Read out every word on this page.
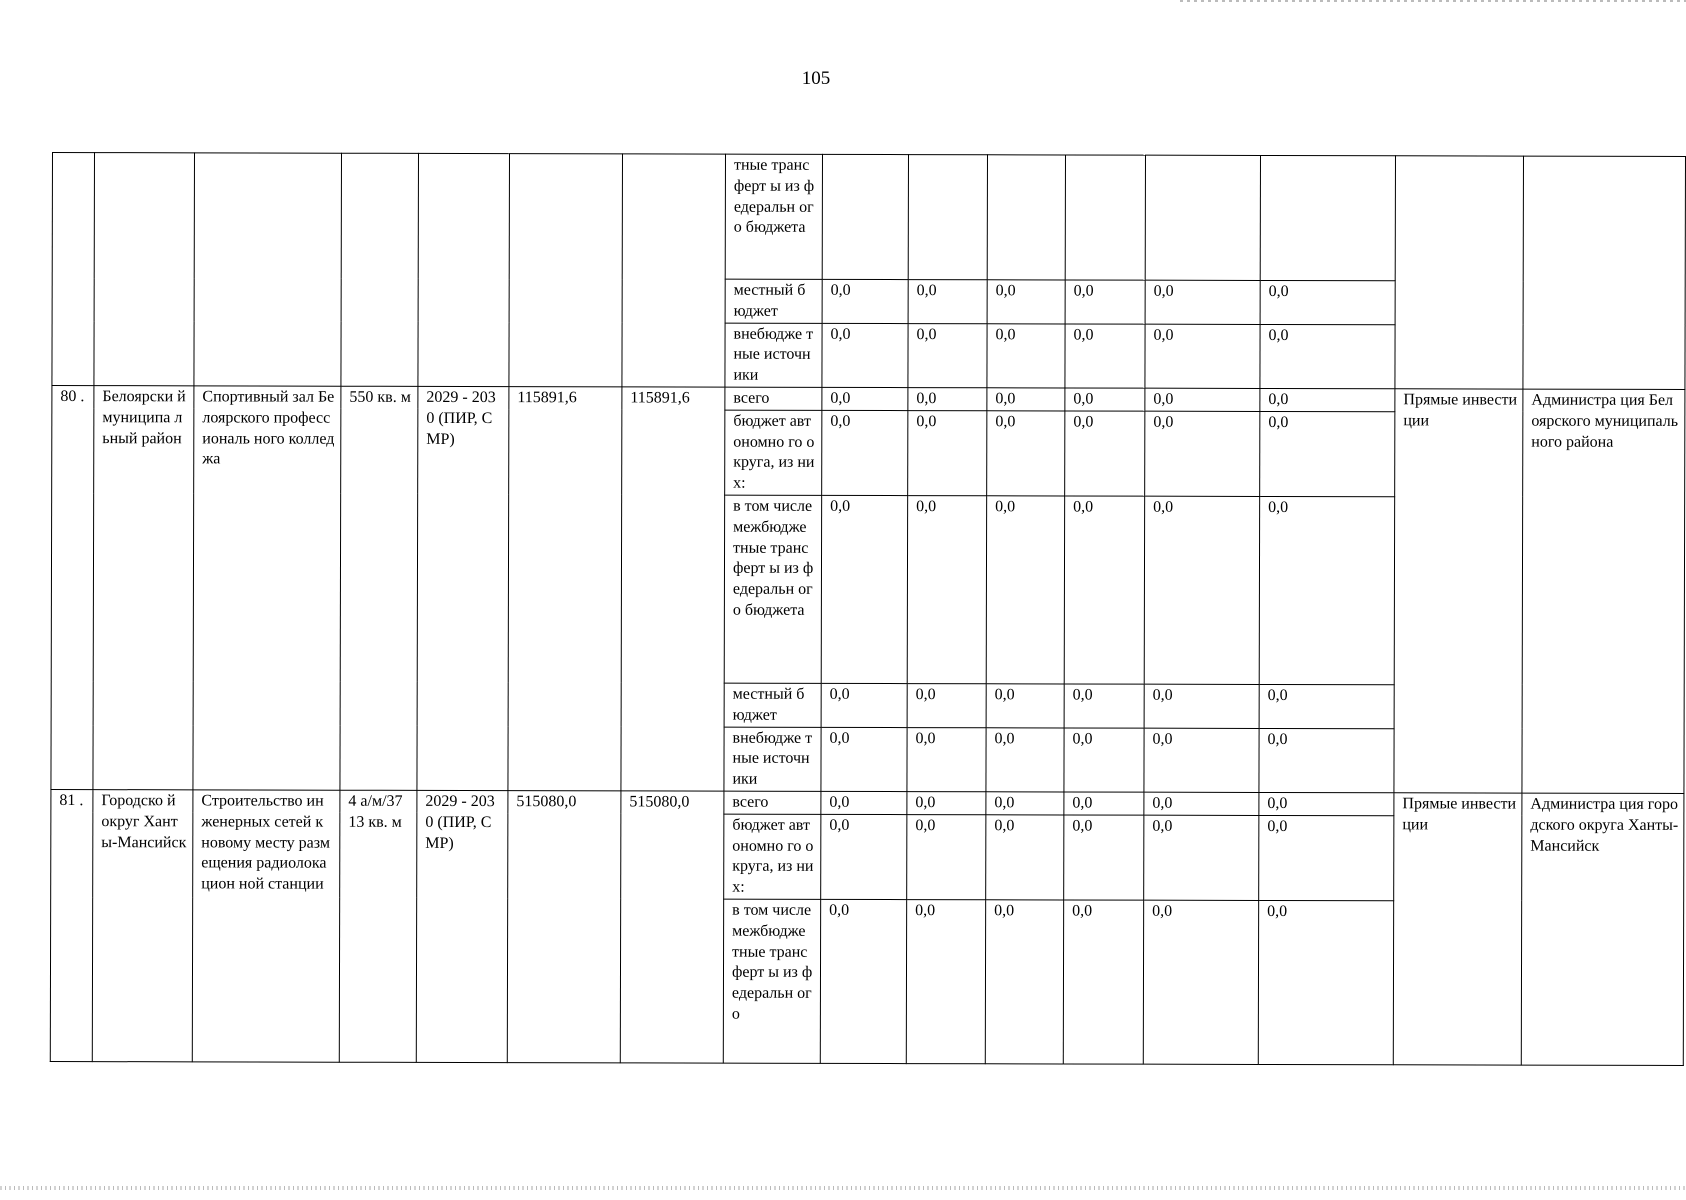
105
							тные трансферт ы из федеральн ого бюджета								
							местный бюджет	0,0	0,0	0,0	0,0	0,0	0,0		
							внебюдже тные источники	0,0	0,0	0,0	0,0	0,0	0,0		
80 .	Белоярски й муниципа льный район	Спортивный зал Белоярского профессиональ ного колледжа	550 кв. м	2029 - 2030 (ПИР, СМР)	115891,6	115891,6	всего	0,0	0,0	0,0	0,0	0,0	0,0	Прямые инвестиции	Администра ция Белоярского муниципаль ного района
							бюджет автономно го округа, из них:	0,0	0,0	0,0	0,0	0,0	0,0		
							в том числе межбюдже тные трансферт ы из федеральн ого бюджета	0,0	0,0	0,0	0,0	0,0	0,0		
							местный бюджет	0,0	0,0	0,0	0,0	0,0	0,0		
							внебюдже тные источники	0,0	0,0	0,0	0,0	0,0	0,0		
81 .	Городско й округ Ханты-Мансийск	Строительство инженерных сетей к новому месту размещения радиолокацион ной станции	4 а/м/37 13 кв. м	2029 - 2030 (ПИР, СМР)	515080,0	515080,0	всего	0,0	0,0	0,0	0,0	0,0	0,0	Прямые инвестиции	Администра ция городского округа Ханты-Мансийск
							бюджет автономно го округа, из них:	0,0	0,0	0,0	0,0	0,0	0,0		
							в том числе межбюдже тные трансферт ы из федеральн ого	0,0	0,0	0,0	0,0	0,0	0,0		
